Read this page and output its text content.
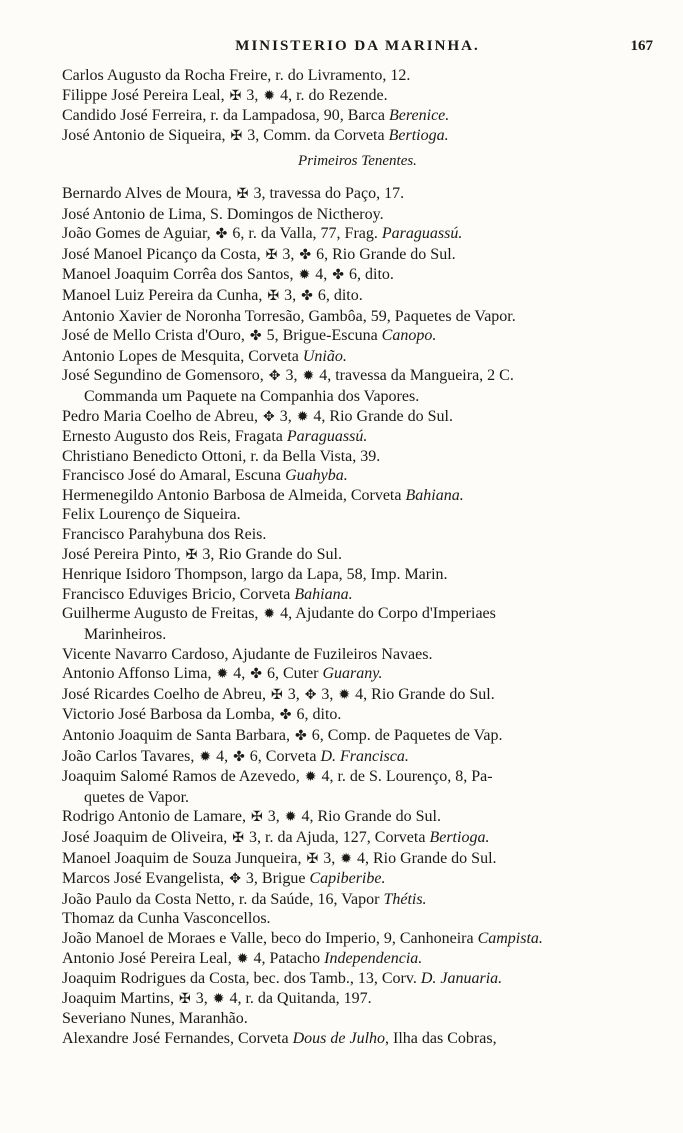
MINISTERIO DA MARINHA.	167
Carlos Augusto da Rocha Freire, r. do Livramento, 12.
Filippe José Pereira Leal, ✠ 3, ✹ 4, r. do Rezende.
Candido José Ferreira, r. da Lampadosa, 90, Barca Berenice.
José Antonio de Siqueira, ✠ 3, Comm. da Corveta Bertioga.
Primeiros Tenentes.
Bernardo Alves de Moura, ✠ 3, travessa do Paço, 17.
José Antonio de Lima, S. Domingos de Nictheroy.
João Gomes de Aguiar, ✤ 6, r. da Valla, 77, Frag. Paraguassú.
José Manoel Picanço da Costa, ✠ 3, ✤ 6, Rio Grande do Sul.
Manoel Joaquim Corrêa dos Santos, ✹ 4, ✤ 6, dito.
Manoel Luiz Pereira da Cunha, ✠ 3, ✤ 6, dito.
Antonio Xavier de Noronha Torresão, Gambôa, 59, Paquetes de Vapor.
José de Mello Crista d'Ouro, ✤ 5, Brigue-Escuna Canopo.
Antonio Lopes de Mesquita, Corveta União.
José Segundino de Gomensoro, ✥ 3, ✹ 4, travessa da Mangueira, 2 C.
Commanda um Paquete na Companhia dos Vapores.
Pedro Maria Coelho de Abreu, ✥ 3, ✹ 4, Rio Grande do Sul.
Ernesto Augusto dos Reis, Fragata Paraguassú.
Christiano Benedicto Ottoni, r. da Bella Vista, 39.
Francisco José do Amaral, Escuna Guahyba.
Hermenegildo Antonio Barbosa de Almeida, Corveta Bahiana.
Felix Lourenço de Siqueira.
Francisco Parahybuna dos Reis.
José Pereira Pinto, ✠ 3, Rio Grande do Sul.
Henrique Isidoro Thompson, largo da Lapa, 58, Imp. Marin.
Francisco Eduviges Bricio, Corveta Bahiana.
Guilherme Augusto de Freitas, ✹ 4, Ajudante do Corpo d'Imperiaes
Marinheiros.
Vicente Navarro Cardoso, Ajudante de Fuzileiros Navaes.
Antonio Affonso Lima, ✹ 4, ✤ 6, Cuter Guarany.
José Ricardes Coelho de Abreu, ✠ 3, ✥ 3, ✹ 4, Rio Grande do Sul.
Victorio José Barbosa da Lomba, ✤ 6, dito.
Antonio Joaquim de Santa Barbara, ✤ 6, Comp. de Paquetes de Vap.
João Carlos Tavares, ✹ 4, ✤ 6, Corveta D. Francisca.
Joaquim Salomé Ramos de Azevedo, ✹ 4, r. de S. Lourenço, 8, Pa-
quetes de Vapor.
Rodrigo Antonio de Lamare, ✠ 3, ✹ 4, Rio Grande do Sul.
José Joaquim de Oliveira, ✠ 3, r. da Ajuda, 127, Corveta Bertioga.
Manoel Joaquim de Souza Junqueira, ✠ 3, ✹ 4, Rio Grande do Sul.
Marcos José Evangelista, ✥ 3, Brigue Capiberibe.
João Paulo da Costa Netto, r. da Saúde, 16, Vapor Thétis.
Thomaz da Cunha Vasconcellos.
João Manoel de Moraes e Valle, beco do Imperio, 9, Canhoneira Campista.
Antonio José Pereira Leal, ✹ 4, Patacho Independencia.
Joaquim Rodrigues da Costa, bec. dos Tamb., 13, Corv. D. Januaria.
Joaquim Martins, ✠ 3, ✹ 4, r. da Quitanda, 197.
Severiano Nunes, Maranhão.
Alexandre José Fernandes, Corveta Dous de Julho, Ilha das Cobras,
